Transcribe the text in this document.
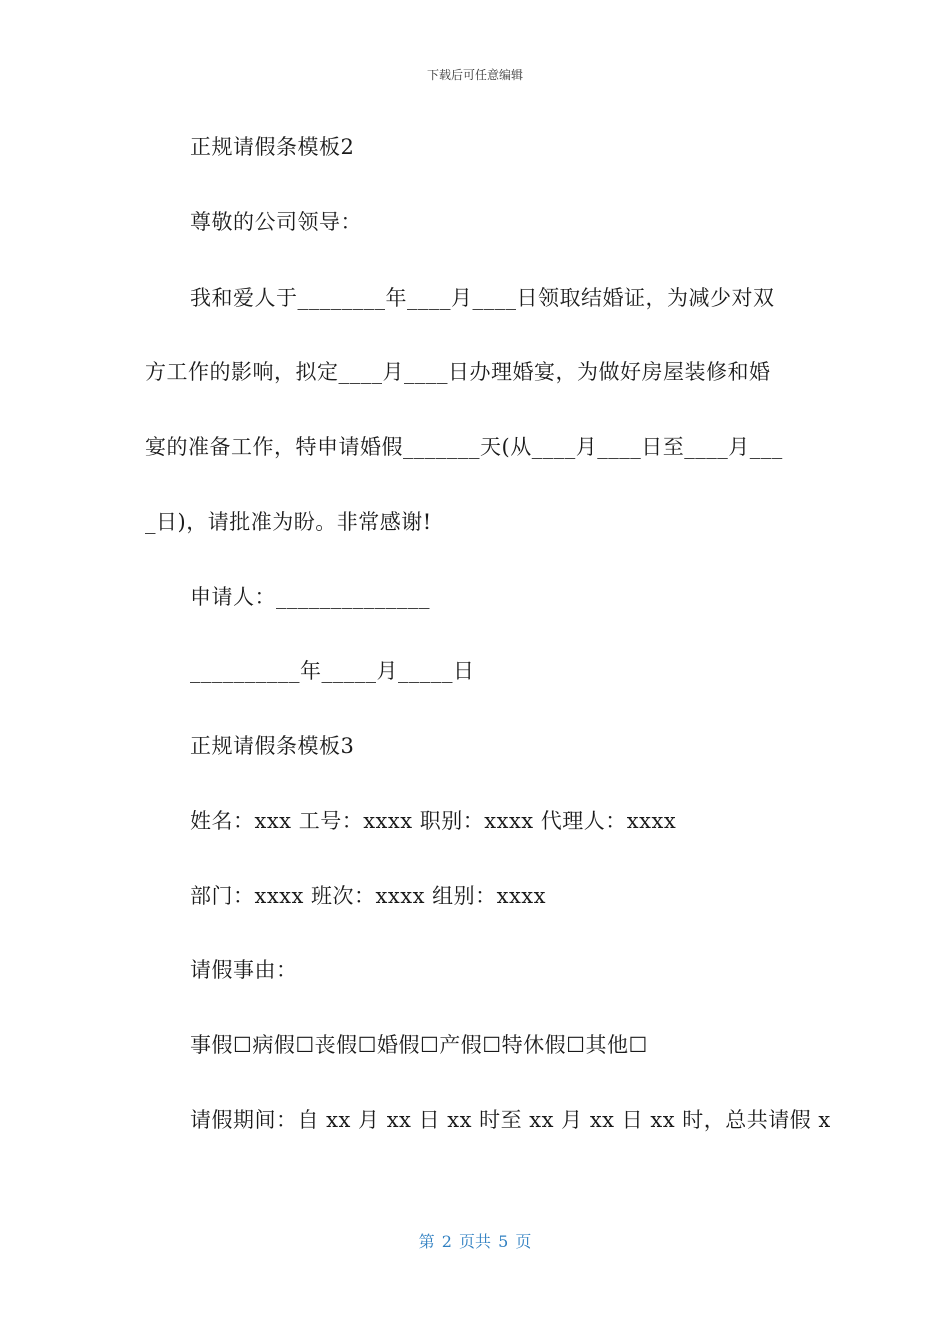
下载后可任意编辑
正规请假条模板2
尊敬的公司领导：
我和爱人于________年____月____日领取结婚证，为减少对双
方工作的影响，拟定____月____日办理婚宴，为做好房屋装修和婚
宴的准备工作，特申请婚假_______天(从____月____日至____月___
_日)，请批准为盼。非常感谢!
申请人：______________
__________年_____月_____日
正规请假条模板3
姓名：xxx 工号：xxxx 职别：xxxx 代理人：xxxx
部门：xxxx 班次：xxxx 组别：xxxx
请假事由：
事假☐病假☐丧假☐婚假☐产假☐特休假☐其他☐
请假期间：自 xx 月 xx 日 xx 时至 xx 月 xx 日 xx 时，总共请假 x
第 2 页共 5 页
